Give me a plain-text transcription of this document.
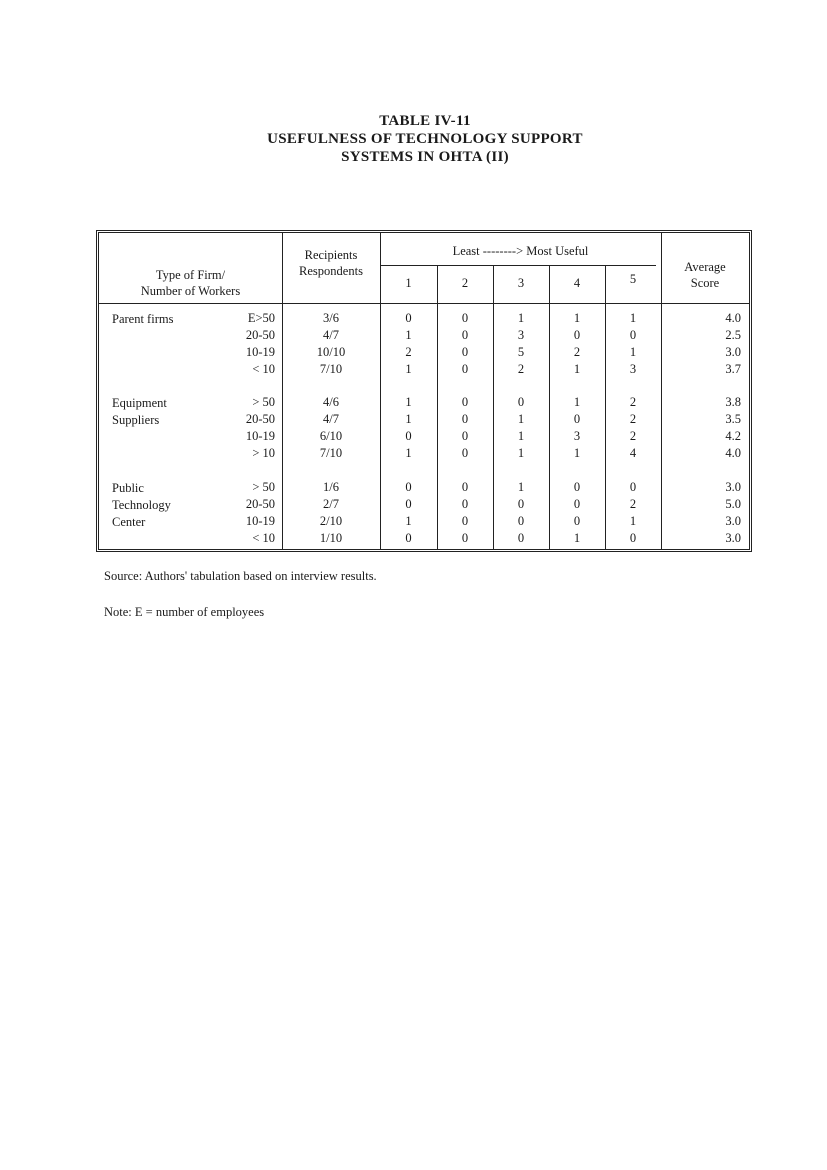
TABLE IV-11
USEFULNESS OF TECHNOLOGY SUPPORT
SYSTEMS IN OHTA (II)
Type of Firm/
Number of Workers
Recipients
Respondents
Least --------> Most Useful
1	2	3	4	5
Average
Score
Parent firms	E>50	3/6	0	0	1	1	1	4.0
20-50	4/7	1	0	3	0	0	2.5
10-19	10/10	2	0	5	2	1	3.0
< 10	7/10	1	0	2	1	3	3.7
Equipment
Suppliers
> 50	4/6	1	0	0	1	2	3.8
20-50	4/7	1	0	1	0	2	3.5
10-19	6/10	0	0	1	3	2	4.2
> 10	7/10	1	0	1	1	4	4.0
Public
Technology
Center
> 50	1/6	0	0	1	0	0	3.0
20-50	2/7	0	0	0	0	2	5.0
10-19	2/10	1	0	0	0	1	3.0
< 10	1/10	0	0	0	1	0	3.0
Source: Authors' tabulation based on interview results.
Note: E = number of employees
